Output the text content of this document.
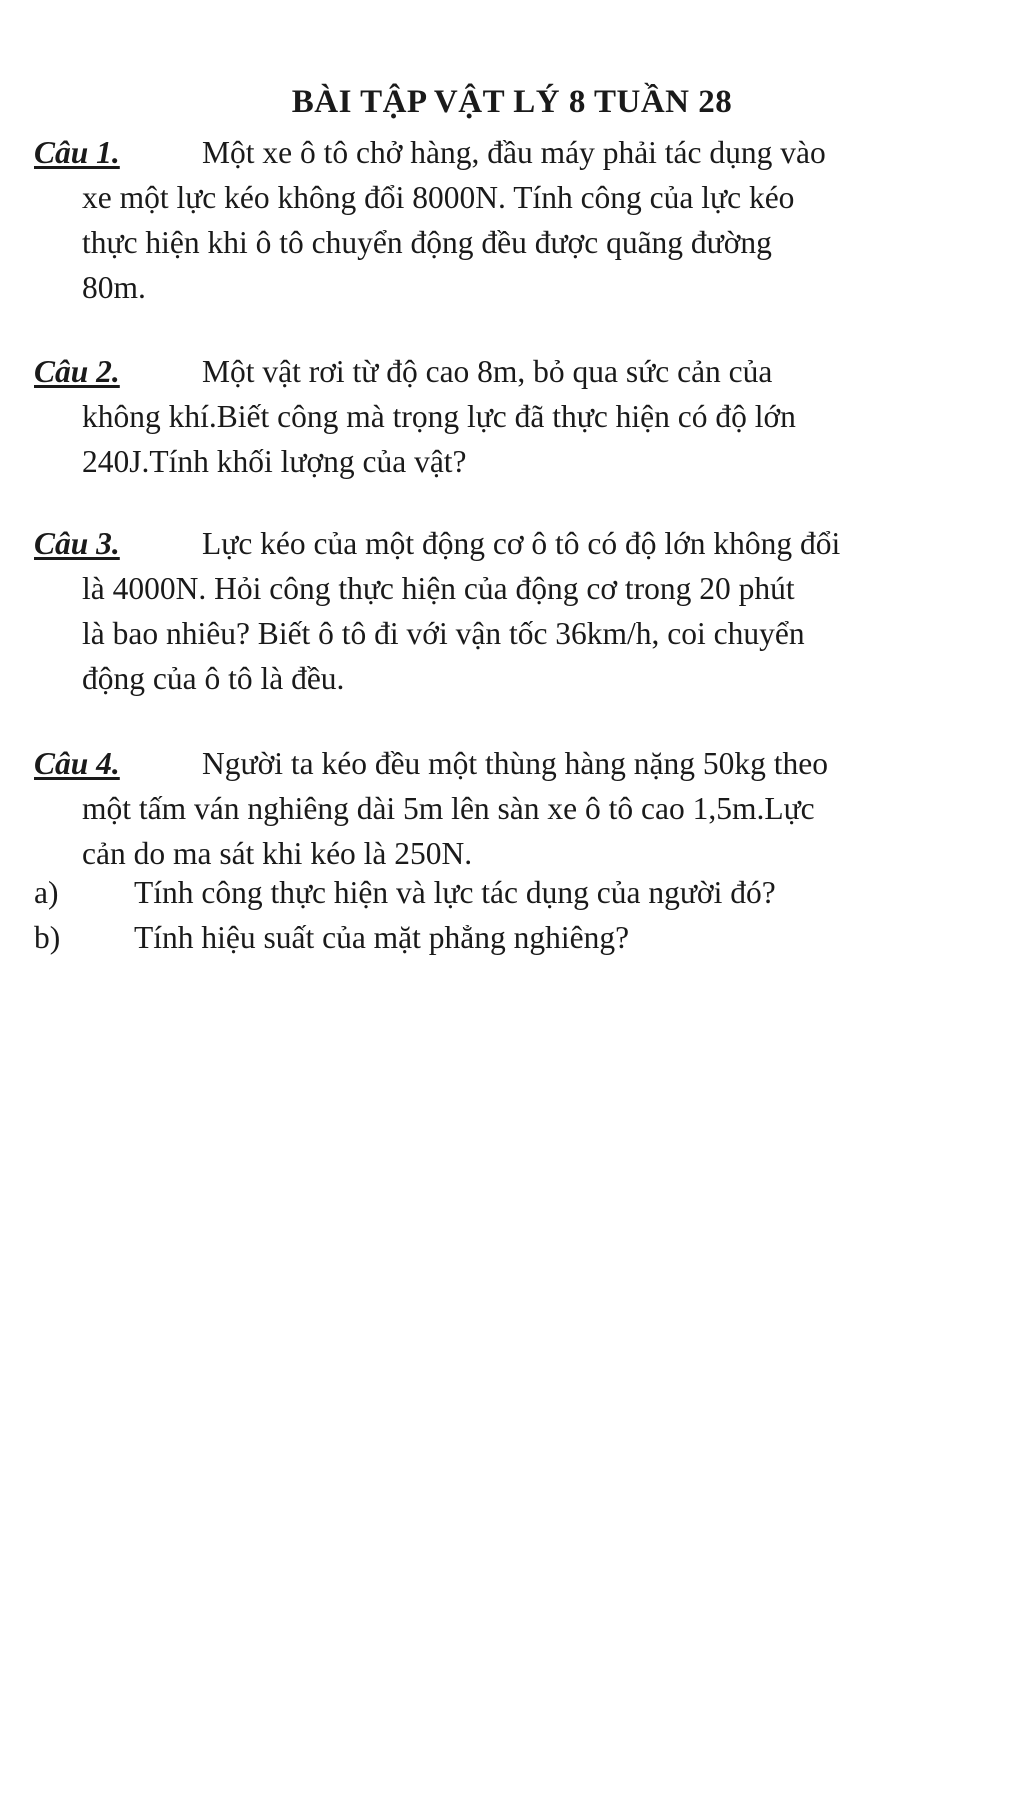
BÀI TẬP VẬT LÝ 8 TUẦN 28
Câu 1.	Một xe ô tô chở hàng, đầu máy phải tác dụng vào
xe một lực kéo không đổi 8000N. Tính công của lực kéo
thực hiện khi ô tô chuyển động đều được quãng đường
80m.
Câu 2.	Một vật rơi từ độ cao 8m, bỏ qua sức cản của
không khí.Biết công mà trọng lực đã thực hiện có độ lớn
240J.Tính khối lượng của vật?
Câu 3.	Lực kéo của một động cơ ô tô có độ lớn không đổi
là 4000N. Hỏi công thực hiện của động cơ trong 20 phút
là bao nhiêu? Biết ô tô đi với vận tốc 36km/h, coi chuyển
động của ô tô là đều.
Câu 4.	Người ta kéo đều một thùng hàng nặng 50kg theo
một tấm ván nghiêng dài 5m lên sàn xe ô tô cao 1,5m.Lực
cản do ma sát khi kéo là 250N.
a) Tính công thực hiện và lực tác dụng của người đó?
b) Tính hiệu suất của mặt phẳng nghiêng?
